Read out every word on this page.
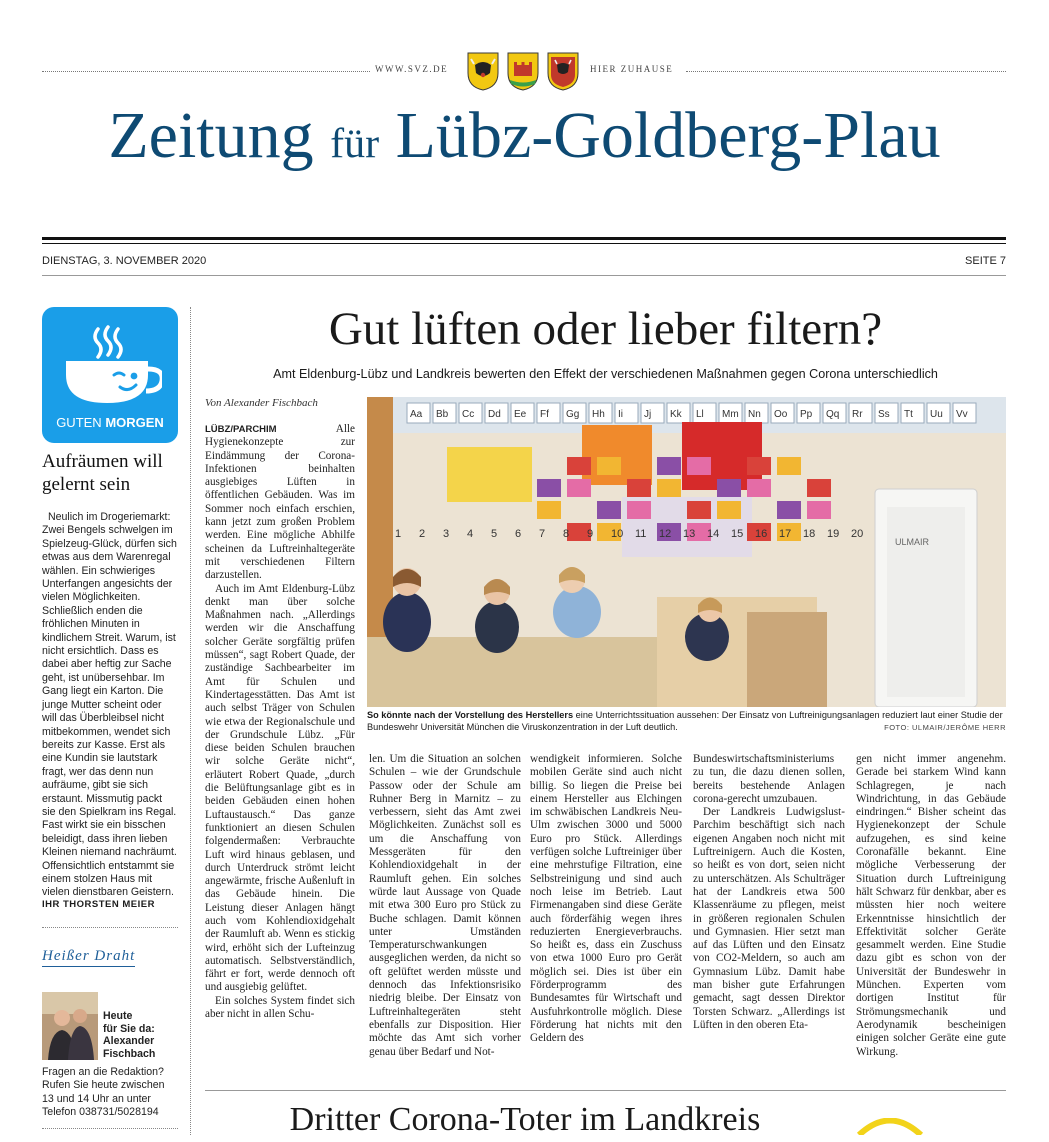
WWW.SVZ.DE	HIER ZUHAUSE
Zeitung für Lübz-Goldberg-Plau
DIENSTAG, 3. NOVEMBER 2020	SEITE 7
GUTEN MORGEN
Aufräumen will gelernt sein
Neulich im Drogeriemarkt: Zwei Bengels schwelgen im Spielzeug-Glück, dürfen sich etwas aus dem Warenregal wählen. Ein schwieriges Unterfangen angesichts der vielen Möglichkeiten. Schließlich enden die fröhlichen Minuten in kindlichem Streit. Warum, ist nicht ersichtlich. Dass es dabei aber heftig zur Sache geht, ist unübersehbar. Im Gang liegt ein Karton. Die junge Mutter scheint oder will das Überbleibsel nicht mitbekommen, wendet sich bereits zur Kasse. Erst als eine Kundin sie lautstark fragt, wer das denn nun aufräume, gibt sie sich erstaunt. Missmutig packt sie den Spielkram ins Regal. Fast wirkt sie ein bisschen beleidigt, dass ihren lieben Kleinen niemand nachräumt. Offensichtlich entstammt sie einem stolzen Haus mit vielen dienstbaren Geistern.
IHR THORSTEN MEIER
Heißer Draht
Heute
für Sie da:
Alexander
Fischbach
Fragen an die Redaktion? Rufen Sie heute zwischen 13 und 14 Uhr an unter Telefon 038731/5028194
Gut lüften oder lieber filtern?
Amt Eldenburg-Lübz und Landkreis bewerten den Effekt der verschiedenen Maßnahmen gegen Corona unterschiedlich
Von Alexander Fischbach

LÜBZ/PARCHIM	Alle Hygienekonzepte zur Eindämmung der Corona-Infektionen beinhalten ausgiebiges Lüften in öffentlichen Gebäuden. Was im Sommer noch einfach erschien, kann jetzt zum großen Problem werden. Eine mögliche Abhilfe scheinen da Luftreinhaltegeräte mit verschiedenen Filtern darzustellen.

Auch im Amt Eldenburg-Lübz denkt man über solche Maßnahmen nach. „Allerdings werden wir die Anschaffung solcher Geräte sorgfältig prüfen müssen“, sagt Robert Quade, der zuständige Sachbearbeiter im Amt für Schulen und Kindertagesstätten. Das Amt ist auch selbst Träger von Schulen wie etwa der Regionalschule und der Grundschule Lübz. „Für diese beiden Schulen brauchen wir solche Geräte nicht“, erläutert Robert Quade, „durch die Belüftungsanlage gibt es in beiden Gebäuden einen hohen Luftaustausch.“ Das ganze funktioniert an diesen Schulen folgendermaßen: Verbrauchte Luft wird hinaus geblasen, und durch Unterdruck strömt leicht angewärmte, frische Außenluft in das Gebäude hinein. Die Leistung dieser Anlagen hängt auch vom Kohlendioxidgehalt der Raumluft ab. Wenn es stickig wird, erhöht sich der Lufteinzug automatisch. Selbstverständlich, fährt er fort, werde dennoch oft und ausgiebig gelüftet.

Ein solches System findet sich aber nicht in allen Schu-

Aa Bb Cc Dd Ee Ff Gg Hh Ii Jj Kk Ll Mm Nn Oo Pp Qq Rr Ss Tt Uu Vv
1 2 3 4 5 6 7 8 9 10 11 12 13 14 15 16 17 18 19 20
ULMAIR
So könnte nach der Vorstellung des Herstellers eine Unterrichtssituation aussehen: Der Einsatz von Luftreinigungsanlagen reduziert laut einer Studie der Bundeswehr Universität München die Viruskonzentration in der Luft deutlich.	FOTO: ULMAIR/JERÔME HERR

len. Um die Situation an solchen Schulen – wie der Grundschule Passow oder der Schule am Ruhner Berg in Marnitz – zu verbessern, sieht das Amt zwei Möglichkeiten. Zunächst soll es um die Anschaffung von Messgeräten für den Kohlendioxidgehalt in der Raumluft gehen. Ein solches würde laut Aussage von Quade mit etwa 300 Euro pro Stück zu Buche schlagen. Damit können unter Umständen Temperaturschwankungen ausgeglichen werden, da nicht so oft gelüftet werden müsste und dennoch das Infektionsrisiko niedrig bleibe. Der Einsatz von Luftreinhaltegeräten steht ebenfalls zur Disposition. Hier möchte das Amt sich vorher genau über Bedarf und Not-

wendigkeit informieren. Solche mobilen Geräte sind auch nicht billig. So liegen die Preise bei einem Hersteller aus Elchingen im schwäbischen Landkreis Neu-Ulm zwischen 3000 und 5000 Euro pro Stück. Allerdings verfügen solche Luftreiniger über eine mehrstufige Filtration, eine Selbstreinigung und sind auch noch leise im Betrieb. Laut Firmenangaben sind diese Geräte auch förderfähig wegen ihres reduzierten Energieverbrauchs. So heißt es, dass ein Zuschuss von etwa 1000 Euro pro Gerät möglich sei. Dies ist über ein Förderprogramm des Bundesamtes für Wirtschaft und Ausfuhrkontrolle möglich. Diese Förderung hat nichts mit den Geldern des

Bundeswirtschaftsministeriums zu tun, die dazu dienen sollen, bereits bestehende Anlagen corona-gerecht umzubauen.

Der Landkreis Ludwigslust-Parchim beschäftigt sich nach eigenen Angaben noch nicht mit Luftreinigern. Auch die Kosten, so heißt es von dort, seien nicht zu unterschätzen. Als Schulträger hat der Landkreis etwa 500 Klassenräume zu pflegen, meist in größeren regionalen Schulen und Gymnasien. Hier setzt man auf das Lüften und den Einsatz von CO2-Meldern, so auch am Gymnasium Lübz. Damit habe man bisher gute Erfahrungen gemacht, sagt dessen Direktor Torsten Schwarz. „Allerdings ist Lüften in den oberen Eta-

gen nicht immer angenehm. Gerade bei starkem Wind kann Schlagregen, je nach Windrichtung, in das Gebäude eindringen.“ Bisher scheint das Hygienekonzept der Schule aufzugehen, es sind keine Coronafälle bekannt. Eine mögliche Verbesserung der Situation durch Luftreinigung hält Schwarz für denkbar, aber es müssten hier noch weitere Erkenntnisse hinsichtlich der Effektivität solcher Geräte gesammelt werden. Eine Studie dazu gibt es schon von der Universität der Bundeswehr in München. Experten vom dortigen Institut für Strömungsmechanik und Aerodynamik bescheinigen einigen solcher Geräte eine gute Wirkung.

Dritter Corona-Toter im Landkreis
